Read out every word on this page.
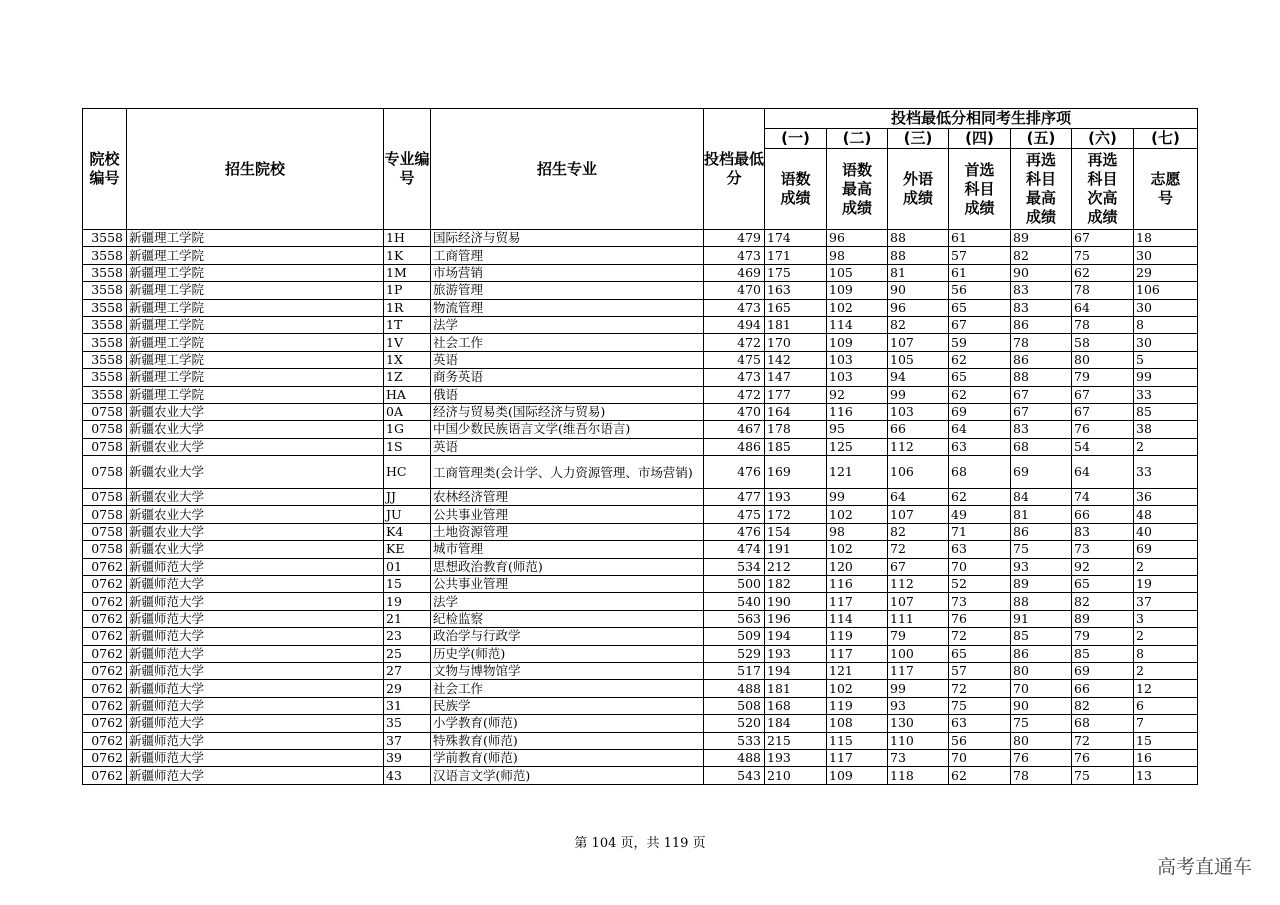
院校编号	招生院校	专业编号	招生专业	投档最低分	投档最低分相同考生排序项						
					(一)	(二)	(三)	(四)	(五)	(六)	(七)
					语数成绩	语数最高成绩	外语成绩	首选科目成绩	再选科目最高成绩	再选科目次高成绩	志愿号
3558	新疆理工学院	1H	国际经济与贸易	479	174	96	88	61	89	67	18
3558	新疆理工学院	1K	工商管理	473	171	98	88	57	82	75	30
3558	新疆理工学院	1M	市场营销	469	175	105	81	61	90	62	29
3558	新疆理工学院	1P	旅游管理	470	163	109	90	56	83	78	106
3558	新疆理工学院	1R	物流管理	473	165	102	96	65	83	64	30
3558	新疆理工学院	1T	法学	494	181	114	82	67	86	78	8
3558	新疆理工学院	1V	社会工作	472	170	109	107	59	78	58	30
3558	新疆理工学院	1X	英语	475	142	103	105	62	86	80	5
3558	新疆理工学院	1Z	商务英语	473	147	103	94	65	88	79	99
3558	新疆理工学院	HA	俄语	472	177	92	99	62	67	67	33
0758	新疆农业大学	0A	经济与贸易类(国际经济与贸易)	470	164	116	103	69	67	67	85
0758	新疆农业大学	1G	中国少数民族语言文学(维吾尔语言)	467	178	95	66	64	83	76	38
0758	新疆农业大学	1S	英语	486	185	125	112	63	68	54	2
0758	新疆农业大学	HC	工商管理类(会计学、人力资源管理、市场营销)	476	169	121	106	68	69	64	33
0758	新疆农业大学	JJ	农林经济管理	477	193	99	64	62	84	74	36
0758	新疆农业大学	JU	公共事业管理	475	172	102	107	49	81	66	48
0758	新疆农业大学	K4	土地资源管理	476	154	98	82	71	86	83	40
0758	新疆农业大学	KE	城市管理	474	191	102	72	63	75	73	69
0762	新疆师范大学	01	思想政治教育(师范)	534	212	120	67	70	93	92	2
0762	新疆师范大学	15	公共事业管理	500	182	116	112	52	89	65	19
0762	新疆师范大学	19	法学	540	190	117	107	73	88	82	37
0762	新疆师范大学	21	纪检监察	563	196	114	111	76	91	89	3
0762	新疆师范大学	23	政治学与行政学	509	194	119	79	72	85	79	2
0762	新疆师范大学	25	历史学(师范)	529	193	117	100	65	86	85	8
0762	新疆师范大学	27	文物与博物馆学	517	194	121	117	57	80	69	2
0762	新疆师范大学	29	社会工作	488	181	102	99	72	70	66	12
0762	新疆师范大学	31	民族学	508	168	119	93	75	90	82	6
0762	新疆师范大学	35	小学教育(师范)	520	184	108	130	63	75	68	7
0762	新疆师范大学	37	特殊教育(师范)	533	215	115	110	56	80	72	15
0762	新疆师范大学	39	学前教育(师范)	488	193	117	73	70	76	76	16
0762	新疆师范大学	43	汉语言文学(师范)	543	210	109	118	62	78	75	13
第 104 页，共 119 页
高考直通车
